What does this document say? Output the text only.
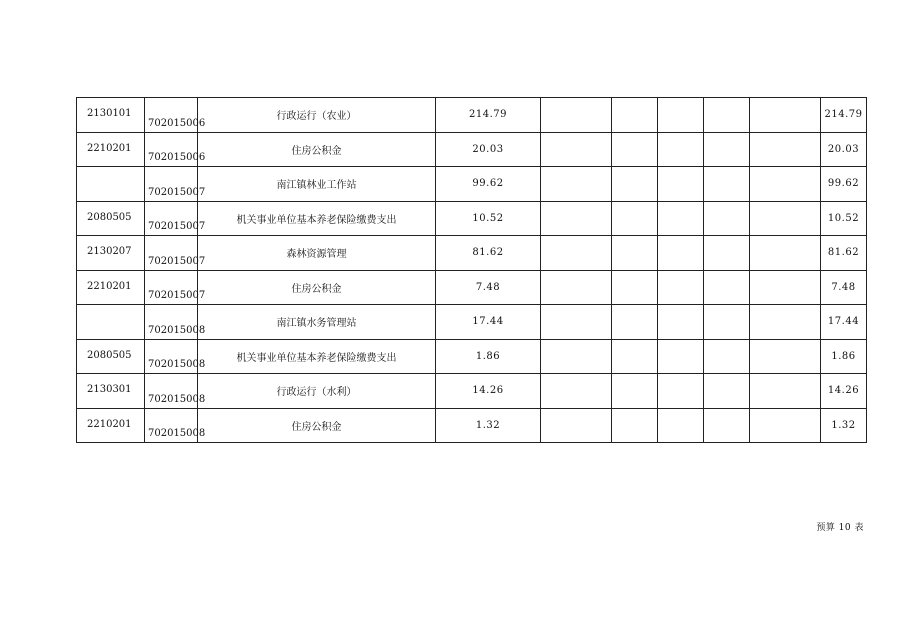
2130101	702015006	行政运行（农业）	214.79						214.79
2210201	702015006	住房公积金	20.03						20.03
	702015007	南江镇林业工作站	99.62						99.62
2080505	702015007	机关事业单位基本养老保险缴费支出	10.52						10.52
2130207	702015007	森林资源管理	81.62						81.62
2210201	702015007	住房公积金	7.48						7.48
	702015008	南江镇水务管理站	17.44						17.44
2080505	702015008	机关事业单位基本养老保险缴费支出	1.86						1.86
2130301	702015008	行政运行（水利）	14.26						14.26
2210201	702015008	住房公积金	1.32						1.32
预算 10 表
